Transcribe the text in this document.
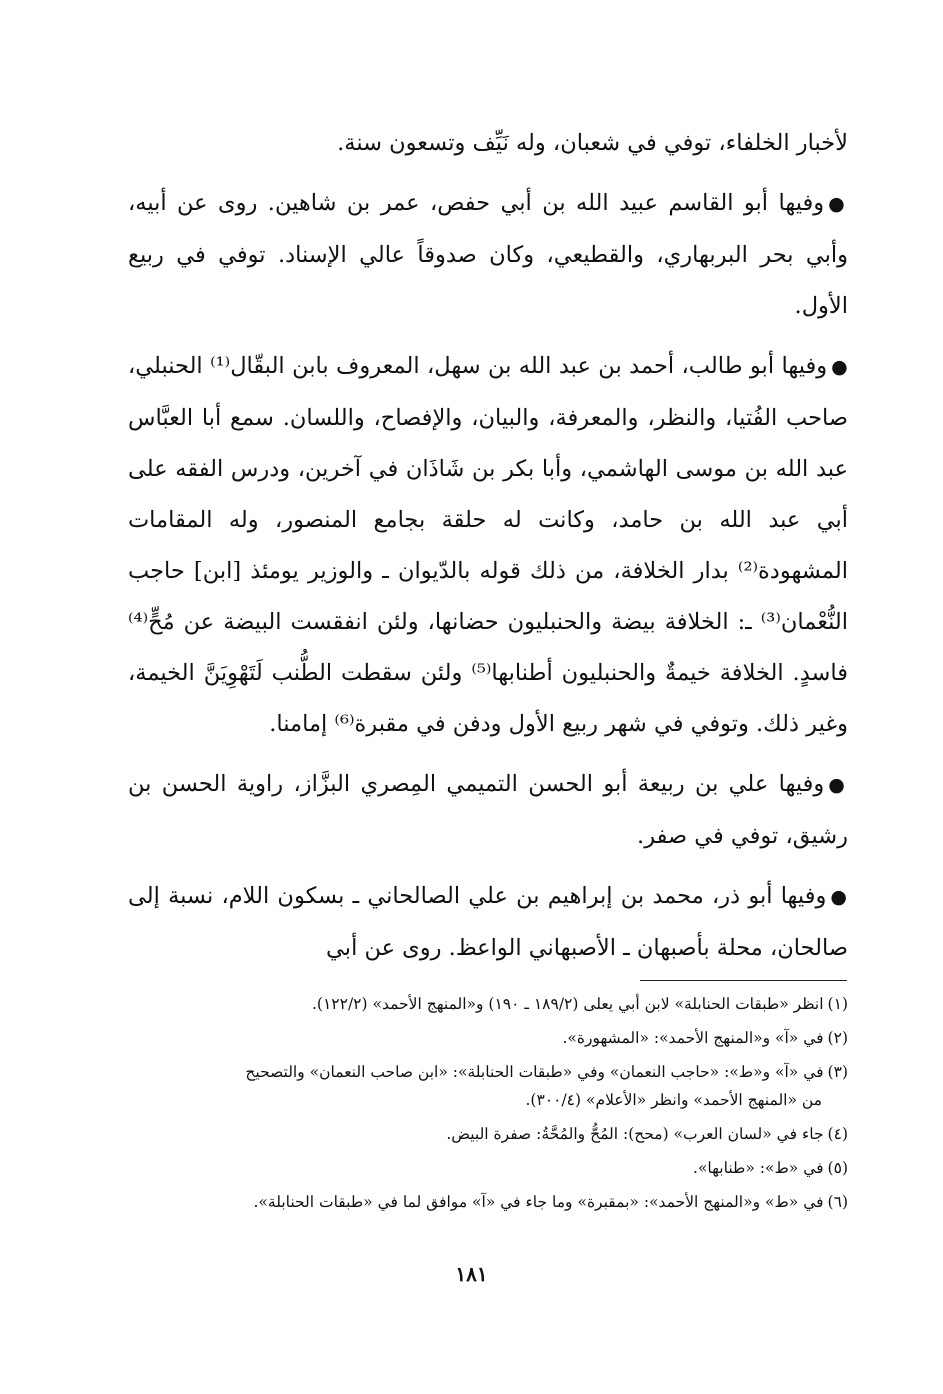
لأخبار الخلفاء، توفي في شعبان، وله نَيِّف وتسعون سنة.

●وفيها أبو القاسم عبيد الله بن أبي حفص، عمر بن شاهين. روى عن أبيه، وأبي بحر البربهاري، والقطيعي، وكان صدوقاً عالي الإسناد. توفي في ربيع الأول.

●وفيها أبو طالب، أحمد بن عبد الله بن سهل، المعروف بابن البقّال⁽¹⁾ الحنبلي، صاحب الفُتيا، والنظر، والمعرفة، والبيان، والإفصاح، واللسان. سمع أبا العبَّاس عبد الله بن موسى الهاشمي، وأبا بكر بن شَاذَان في آخرين، ودرس الفقه على أبي عبد الله بن حامد، وكانت له حلقة بجامع المنصور، وله المقامات المشهودة⁽²⁾ بدار الخلافة، من ذلك قوله بالدّيوان ـ والوزير يومئذ [ابن] حاجب النُّعْمان⁽³⁾ ـ: الخلافة بيضة والحنبليون حضانها، ولئن انفقست البيضة عن مُحٍّ⁽⁴⁾ فاسدٍ. الخلافة خيمةٌ والحنبليون أطنابها⁽⁵⁾ ولئن سقطت الطُّنب لَتَهْوِيَنَّ الخيمة، وغير ذلك. وتوفي في شهر ربيع الأول ودفن في مقبرة⁽⁶⁾ إمامنا.

●وفيها علي بن ربيعة أبو الحسن التميمي المِصري البزَّاز، راوية الحسن بن رشيق، توفي في صفر.

●وفيها أبو ذر، محمد بن إبراهيم بن علي الصالحاني ـ بسكون اللام، نسبة إلى صالحان، محلة بأصبهان ـ الأصبهاني الواعظ. روى عن أبي

(١)انظر «طبقات الحنابلة» لابن أبي يعلى (١٨٩/٢ ـ ١٩٠) و«المنهج الأحمد» (١٢٢/٢).

(٢)في «آ» و«المنهج الأحمد»: «المشهورة».

(٣)في «آ» و«ط»: «حاجب النعمان» وفي «طبقات الحنابلة»: «ابن صاحب النعمان» والتصحيح

من «المنهج الأحمد» وانظر «الأعلام» (٣٠٠/٤).

(٤)جاء في «لسان العرب» (محح): المُحُّ والمُحَّةُ: صفرة البيض.

(٥)في «ط»: «طنابها».

(٦)في «ط» و«المنهج الأحمد»: «بمقبرة» وما جاء في «آ» موافق لما في «طبقات الحنابلة».

١٨١
